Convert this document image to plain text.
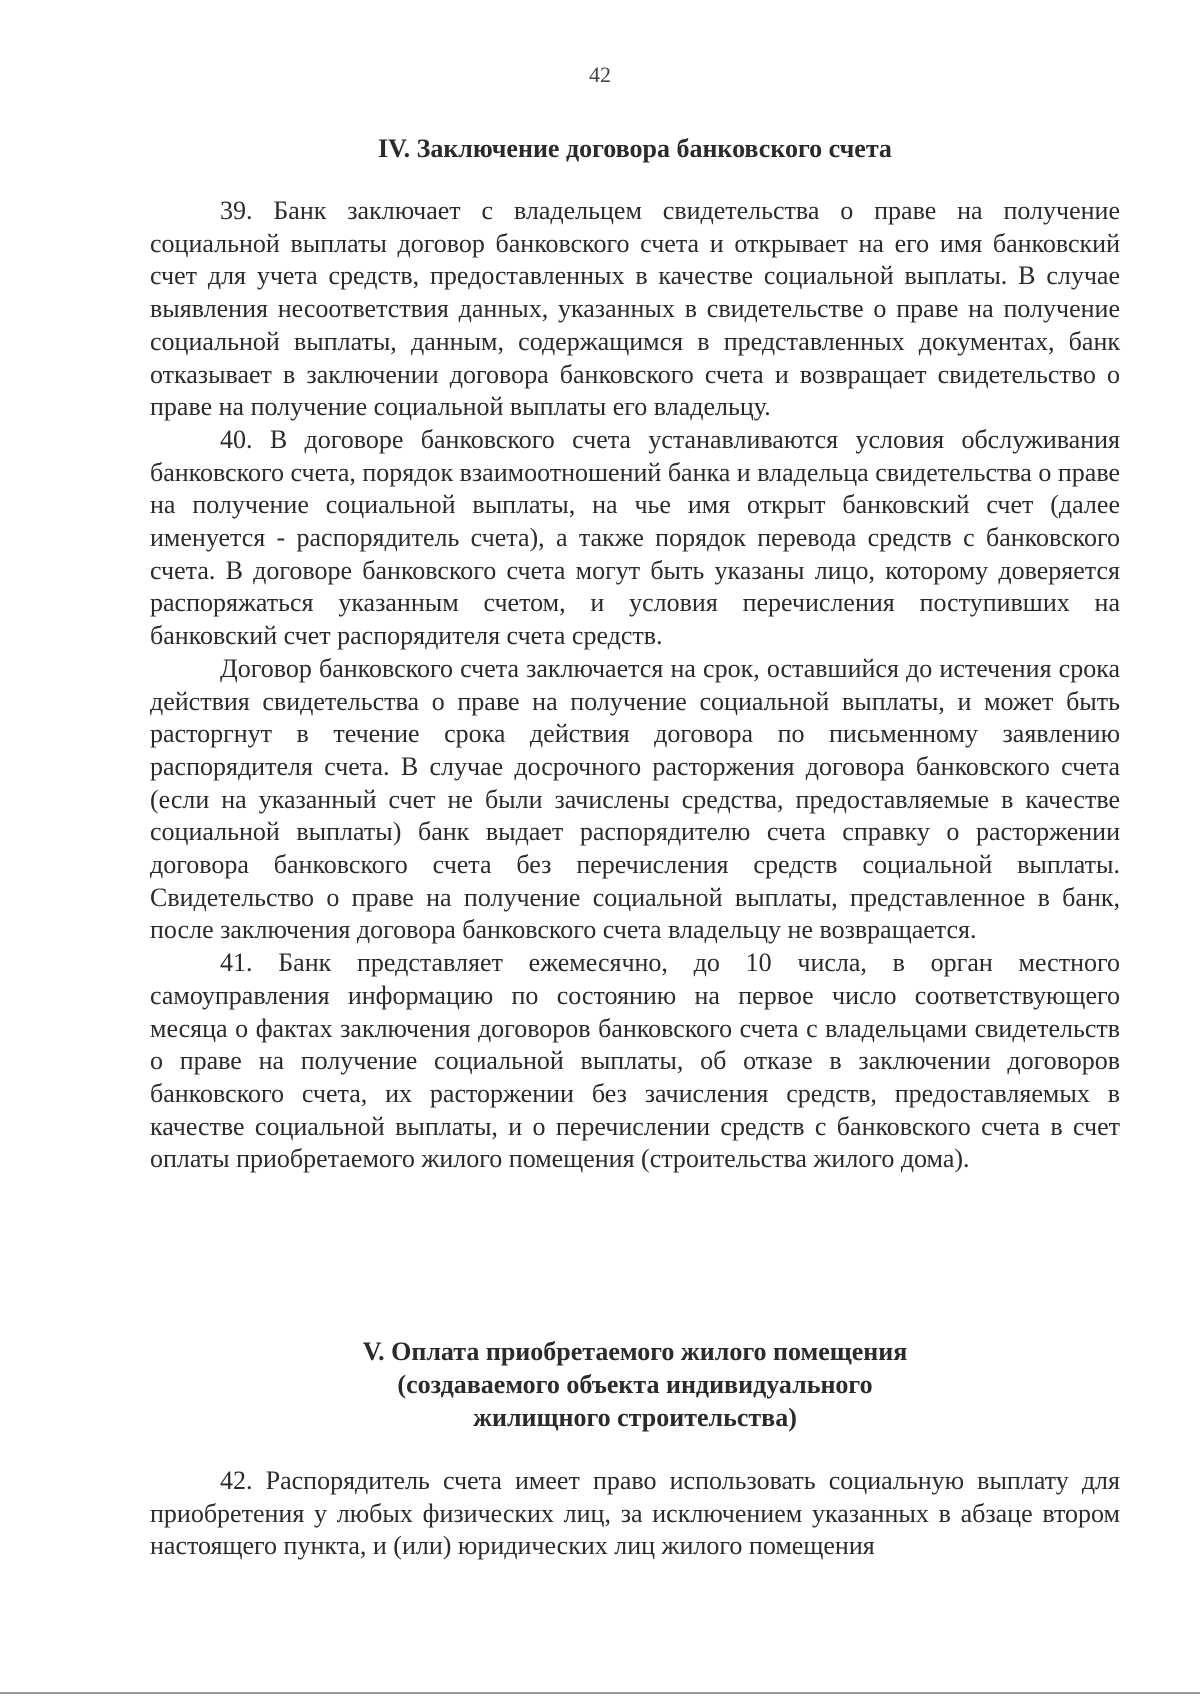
42
IV. Заключение договора банковского счета

39. Банк заключает с владельцем свидетельства о праве на получение социальной выплаты договор банковского счета и открывает на его имя банковский счет для учета средств, предоставленных в качестве социальной выплаты. В случае выявления несоответствия данных, указанных в свидетельстве о праве на получение социальной выплаты, данным, содержащимся в представленных документах, банк отказывает в заключении договора банковского счета и возвращает свидетельство о праве на получение социальной выплаты его владельцу.

40. В договоре банковского счета устанавливаются условия обслуживания банковского счета, порядок взаимоотношений банка и владельца свидетельства о праве на получение социальной выплаты, на чье имя открыт банковский счет (далее именуется - распорядитель счета), а также порядок перевода средств с банковского счета. В договоре банковского счета могут быть указаны лицо, которому доверяется распоряжаться указанным счетом, и условия перечисления поступивших на банковский счет распорядителя счета средств.

Договор банковского счета заключается на срок, оставшийся до истечения срока действия свидетельства о праве на получение социальной выплаты, и может быть расторгнут в течение срока действия договора по письменному заявлению распорядителя счета. В случае досрочного расторжения договора банковского счета (если на указанный счет не были зачислены средства, предоставляемые в качестве социальной выплаты) банк выдает распорядителю счета справку о расторжении договора банковского счета без перечисления средств социальной выплаты. Свидетельство о праве на получение социальной выплаты, представленное в банк, после заключения договора банковского счета владельцу не возвращается.

41. Банк представляет ежемесячно, до 10 числа, в орган местного самоуправления информацию по состоянию на первое число соответствующего месяца о фактах заключения договоров банковского счета с владельцами свидетельств о праве на получение социальной выплаты, об отказе в заключении договоров банковского счета, их расторжении без зачисления средств, предоставляемых в качестве социальной выплаты, и о перечислении средств с банковского счета в счет оплаты приобретаемого жилого помещения (строительства жилого дома).

V. Оплата приобретаемого жилого помещения
(создаваемого объекта индивидуального
жилищного строительства)

42. Распорядитель счета имеет право использовать социальную выплату для приобретения у любых физических лиц, за исключением указанных в абзаце втором настоящего пункта, и (или) юридических лиц жилого помещения
